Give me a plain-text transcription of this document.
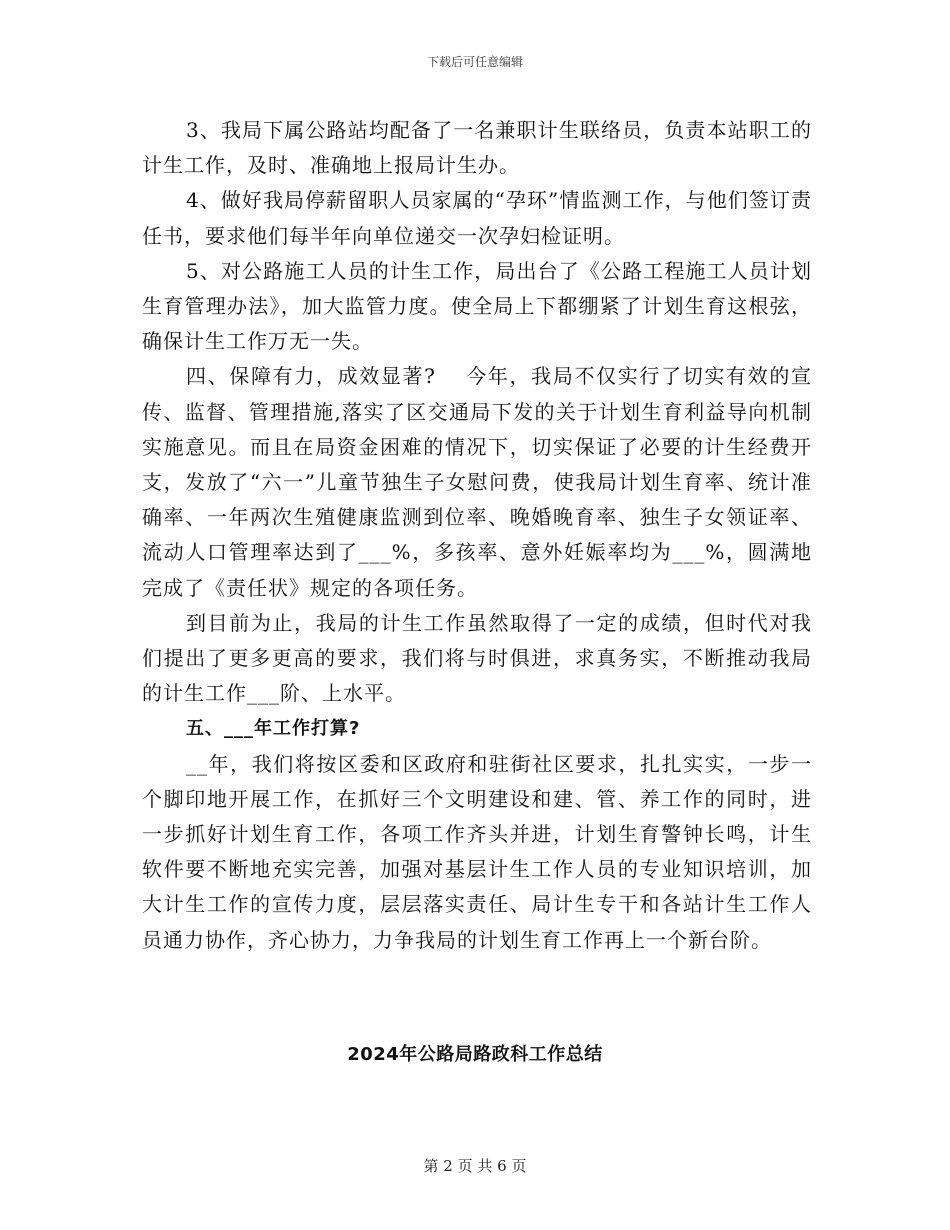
下载后可任意编辑

3、我局下属公路站均配备了一名兼职计生联络员，负责本站职工的计生工作，及时、准确地上报局计生办。

4、做好我局停薪留职人员家属的“孕环”情监测工作，与他们签订责任书，要求他们每半年向单位递交一次孕妇检证明。

5、对公路施工人员的计生工作，局出台了《公路工程施工人员计划生育管理办法》，加大监管力度。使全局上下都绷紧了计划生育这根弦，确保计生工作万无一失。

四、保障有力，成效显著?　 今年，我局不仅实行了切实有效的宣传、监督、管理措施,落实了区交通局下发的关于计划生育利益导向机制实施意见。而且在局资金困难的情况下，切实保证了必要的计生经费开支，发放了“六一”儿童节独生子女慰问费，使我局计划生育率、统计准确率、一年两次生殖健康监测到位率、晚婚晚育率、独生子女领证率、流动人口管理率达到了___%，多孩率、意外妊娠率均为___%，圆满地完成了《责任状》规定的各项任务。

到目前为止，我局的计生工作虽然取得了一定的成绩，但时代对我们提出了更多更高的要求，我们将与时俱进，求真务实，不断推动我局的计生工作___阶、上水平。

五、___年工作打算?

__年，我们将按区委和区政府和驻街社区要求，扎扎实实，一步一个脚印地开展工作，在抓好三个文明建设和建、管、养工作的同时，进一步抓好计划生育工作，各项工作齐头并进，计划生育警钟长鸣，计生软件要不断地充实完善，加强对基层计生工作人员的专业知识培训，加大计生工作的宣传力度，层层落实责任、局计生专干和各站计生工作人员通力协作，齐心协力，力争我局的计划生育工作再上一个新台阶。

2024年公路局路政科工作总结
第 2 页 共 6 页
